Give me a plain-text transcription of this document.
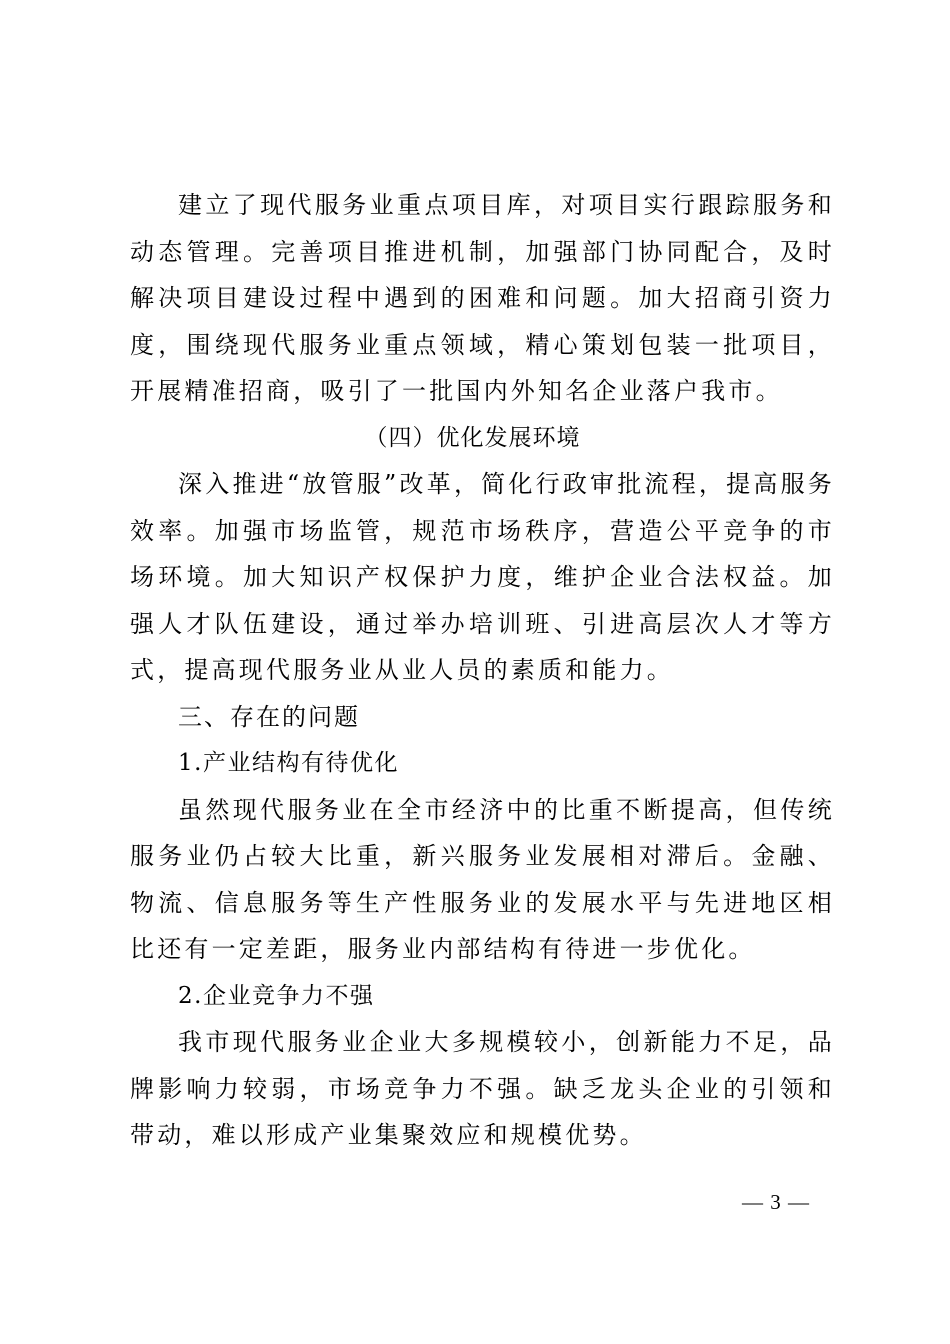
建立了现代服务业重点项目库，对项目实行跟踪服务和动态管理。完善项目推进机制，加强部门协同配合，及时解决项目建设过程中遇到的困难和问题。加大招商引资力度，围绕现代服务业重点领域，精心策划包装一批项目，开展精准招商，吸引了一批国内外知名企业落户我市。

（四）优化发展环境

深入推进“放管服”改革，简化行政审批流程，提高服务效率。加强市场监管，规范市场秩序，营造公平竞争的市场环境。加大知识产权保护力度，维护企业合法权益。加强人才队伍建设，通过举办培训班、引进高层次人才等方式，提高现代服务业从业人员的素质和能力。

三、存在的问题

1.产业结构有待优化

虽然现代服务业在全市经济中的比重不断提高，但传统服务业仍占较大比重，新兴服务业发展相对滞后。金融、物流、信息服务等生产性服务业的发展水平与先进地区相比还有一定差距，服务业内部结构有待进一步优化。

2.企业竞争力不强

我市现代服务业企业大多规模较小，创新能力不足，品牌影响力较弱，市场竞争力不强。缺乏龙头企业的引领和带动，难以形成产业集聚效应和规模优势。

— 3 —
